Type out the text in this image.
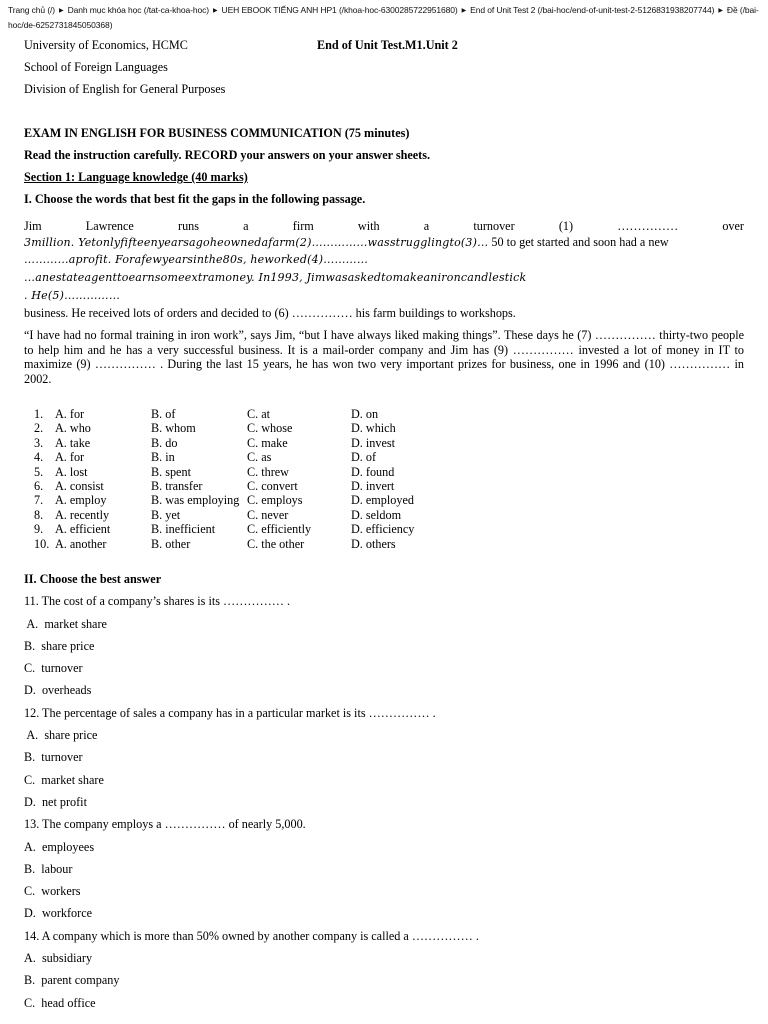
Trang chủ (/) ▶ Danh mục khóa học (/tat-ca-khoa-hoc) ▶ UEH EBOOK TIẾNG ANH HP1 (/khoa-hoc-6300285722951680) ▶ End of Unit Test 2 (/bai-hoc/end-of-unit-test-2-5126831938207744) ▶ Đề (/bai-hoc/de-6252731845050368)
University of Economics, HCMC	End of Unit Test.M1.Unit 2
School of Foreign Languages
Division of English for General Purposes
EXAM IN ENGLISH FOR BUSINESS COMMUNICATION (75 minutes)
Read the instruction carefully. RECORD your answers on your answer sheets.
Section 1: Language knowledge (40 marks)
I. Choose the words that best fit the gaps in the following passage.
Jim Lawrence runs a firm with a turnover (1) …………… over
3million. Yetonlyfifteenyearsagoheownedafarm(2)……………wasstrugglingto(3)… 50 to get started and soon had a new
…………aprofit. Forafewyearsinthe80s, heworked(4)…………
…anestateagenttoearnsomeextramoney. In1993, Jimwasaskedtomakeanironcandlestick
. He(5)……………
business. He received lots of orders and decided to (6) …………… his farm buildings to workshops.
“I have had no formal training in iron work”, says Jim, “but I have always liked making things”. These days he (7) …………… thirty-two people to help him and he has a very successful business. It is a mail-order company and Jim has (9) …………… invested a lot of money in IT to maximize (9) …………… . During the last 15 years, he has won two very important prizes for business, one in 1996 and (10) …………… in 2002.
1. A. for	B. of	C. at	D. on
2. A. who	B. whom	C. whose	D. which
3. A. take	B. do	C. make	D. invest
4. A. for	B. in	C. as	D. of
5. A. lost	B. spent	C. threw	D. found
6. A. consist	B. transfer	C. convert	D. invert
7. A. employ	B. was employing C. employs	D. employed
8. A. recently	B. yet	C. never	D. seldom
9. A. efficient	B. inefficient	C. efficiently	D. efficiency
10. A. another	B. other	C. the other	D. others
II. Choose the best answer
11. The cost of a company’s shares is its …………… .
A.  market share
B.  share price
C.  turnover
D.  overheads
12. The percentage of sales a company has in a particular market is its …………… .
A.  share price
B.  turnover
C.  market share
D.  net profit
13. The company employs a …………… of nearly 5,000.
A.  employees
B.  labour
C.  workers
D.  workforce
14. A company which is more than 50% owned by another company is called a …………… .
A.  subsidiary
B.  parent company
C.  head office
